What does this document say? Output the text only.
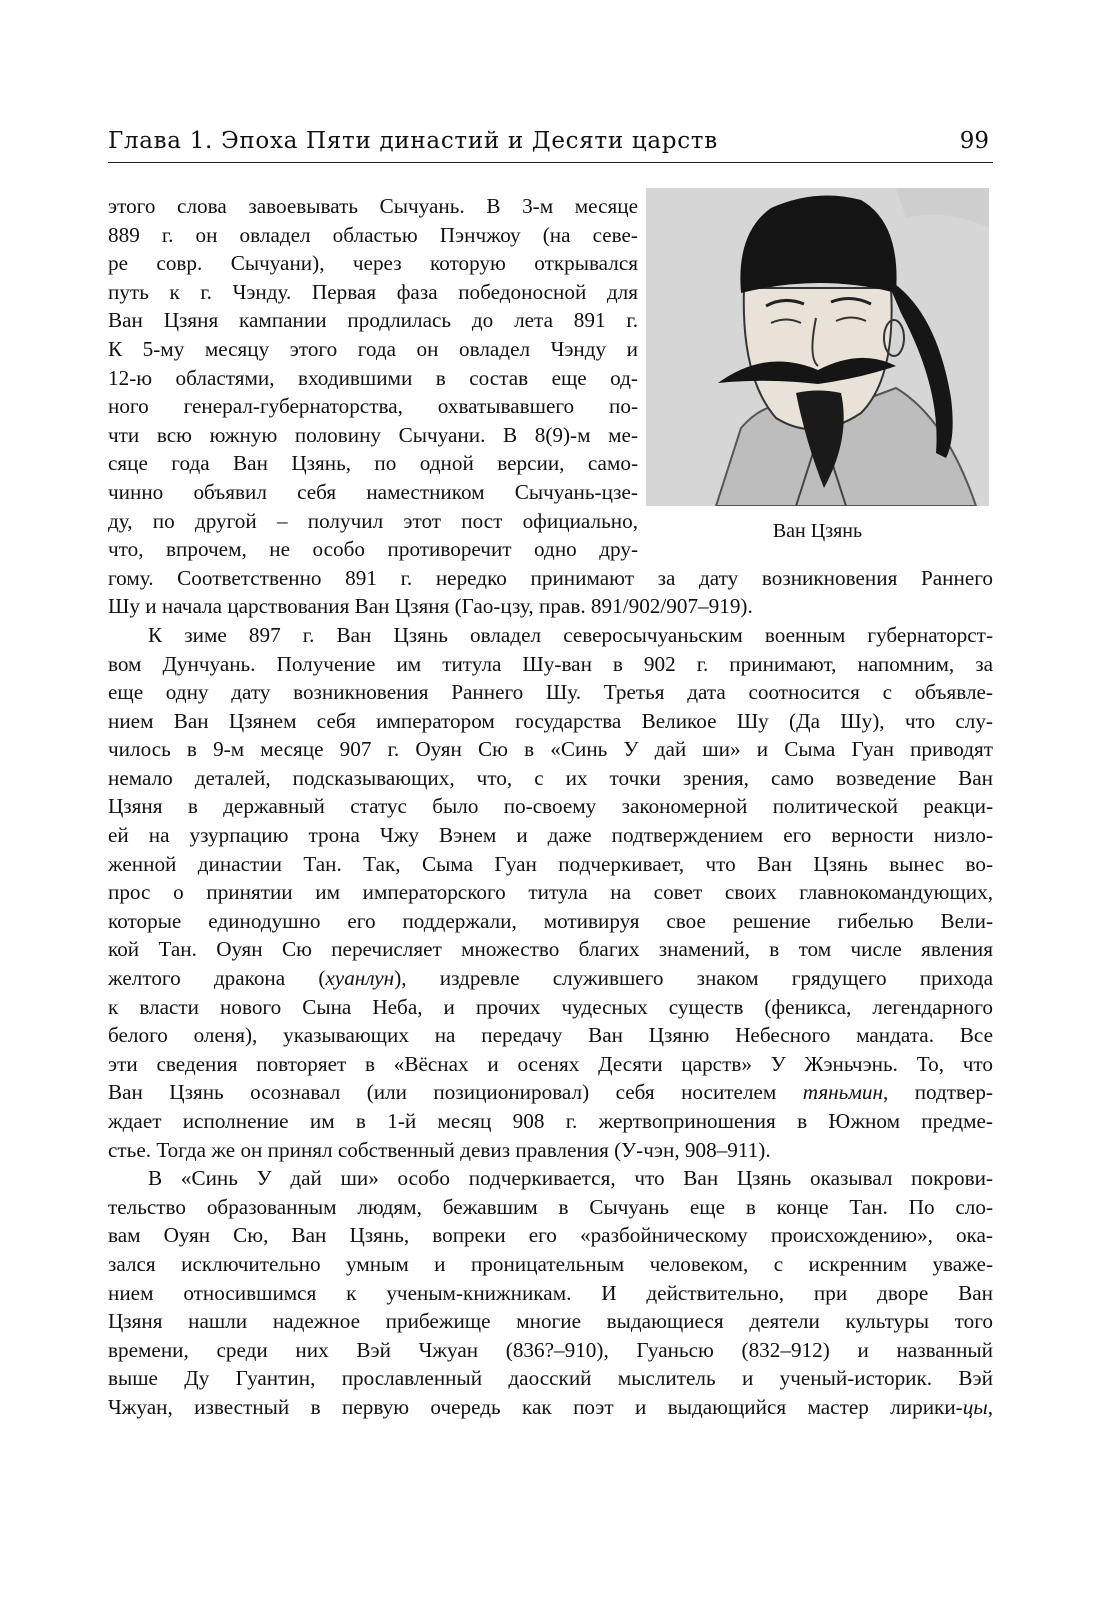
Глава 1. Эпоха Пяти династий и Десяти царств	99
Ван Цзянь
этого слова завоевывать Сычуань. В 3-м месяце
889 г. он овладел областью Пэнчжоу (на севе-
ре совр. Сычуани), через которую открывался
путь к г. Чэнду. Первая фаза победоносной для
Ван Цзяня кампании продлилась до лета 891 г.
К 5-му месяцу этого года он овладел Чэнду и
12-ю областями, входившими в состав еще од-
ного генерал-губернаторства, охватывавшего по-
чти всю южную половину Сычуани. В 8(9)-м ме-
сяце года Ван Цзянь, по одной версии, само-
чинно объявил себя наместником Сычуань-цзе-
ду, по другой – получил этот пост официально,
что, впрочем, не особо противоречит одно дру-
гому. Соответственно 891 г. нередко принимают за дату возникновения Раннего
Шу и начала царствования Ван Цзяня (Гао-цзу, прав. 891/902/907–919).
К зиме 897 г. Ван Цзянь овладел северосычуаньским военным губернаторст-
вом Дунчуань. Получение им титула Шу-ван в 902 г. принимают, напомним, за
еще одну дату возникновения Раннего Шу. Третья дата соотносится с объявле-
нием Ван Цзянем себя императором государства Великое Шу (Да Шу), что слу-
чилось в 9-м месяце 907 г. Оуян Сю в «Синь У дай ши» и Сыма Гуан приводят
немало деталей, подсказывающих, что, с их точки зрения, само возведение Ван
Цзяня в державный статус было по-своему закономерной политической реакци-
ей на узурпацию трона Чжу Вэнем и даже подтверждением его верности низло-
женной династии Тан. Так, Сыма Гуан подчеркивает, что Ван Цзянь вынес во-
прос о принятии им императорского титула на совет своих главнокомандующих,
которые единодушно его поддержали, мотивируя свое решение гибелью Вели-
кой Тан. Оуян Сю перечисляет множество благих знамений, в том числе явления
желтого дракона (хуанлун), издревле служившего знаком грядущего прихода
к власти нового Сына Неба, и прочих чудесных существ (феникса, легендарного
белого оленя), указывающих на передачу Ван Цзяню Небесного мандата. Все
эти сведения повторяет в «Вёснах и осенях Десяти царств» У Жэньчэнь. То, что
Ван Цзянь осознавал (или позиционировал) себя носителем тяньмин, подтвер-
ждает исполнение им в 1-й месяц 908 г. жертвоприношения в Южном предме-
стье. Тогда же он принял собственный девиз правления (У-чэн, 908–911).
В «Синь У дай ши» особо подчеркивается, что Ван Цзянь оказывал покрови-
тельство образованным людям, бежавшим в Сычуань еще в конце Тан. По сло-
вам Оуян Сю, Ван Цзянь, вопреки его «разбойническому происхождению», ока-
зался исключительно умным и проницательным человеком, с искренним уваже-
нием относившимся к ученым-книжникам. И действительно, при дворе Ван
Цзяня нашли надежное прибежище многие выдающиеся деятели культуры того
времени, среди них Вэй Чжуан (836?–910), Гуаньсю (832–912) и названный
выше Ду Гуантин, прославленный даосский мыслитель и ученый-историк. Вэй
Чжуан, известный в первую очередь как поэт и выдающийся мастер лирики-цы,
